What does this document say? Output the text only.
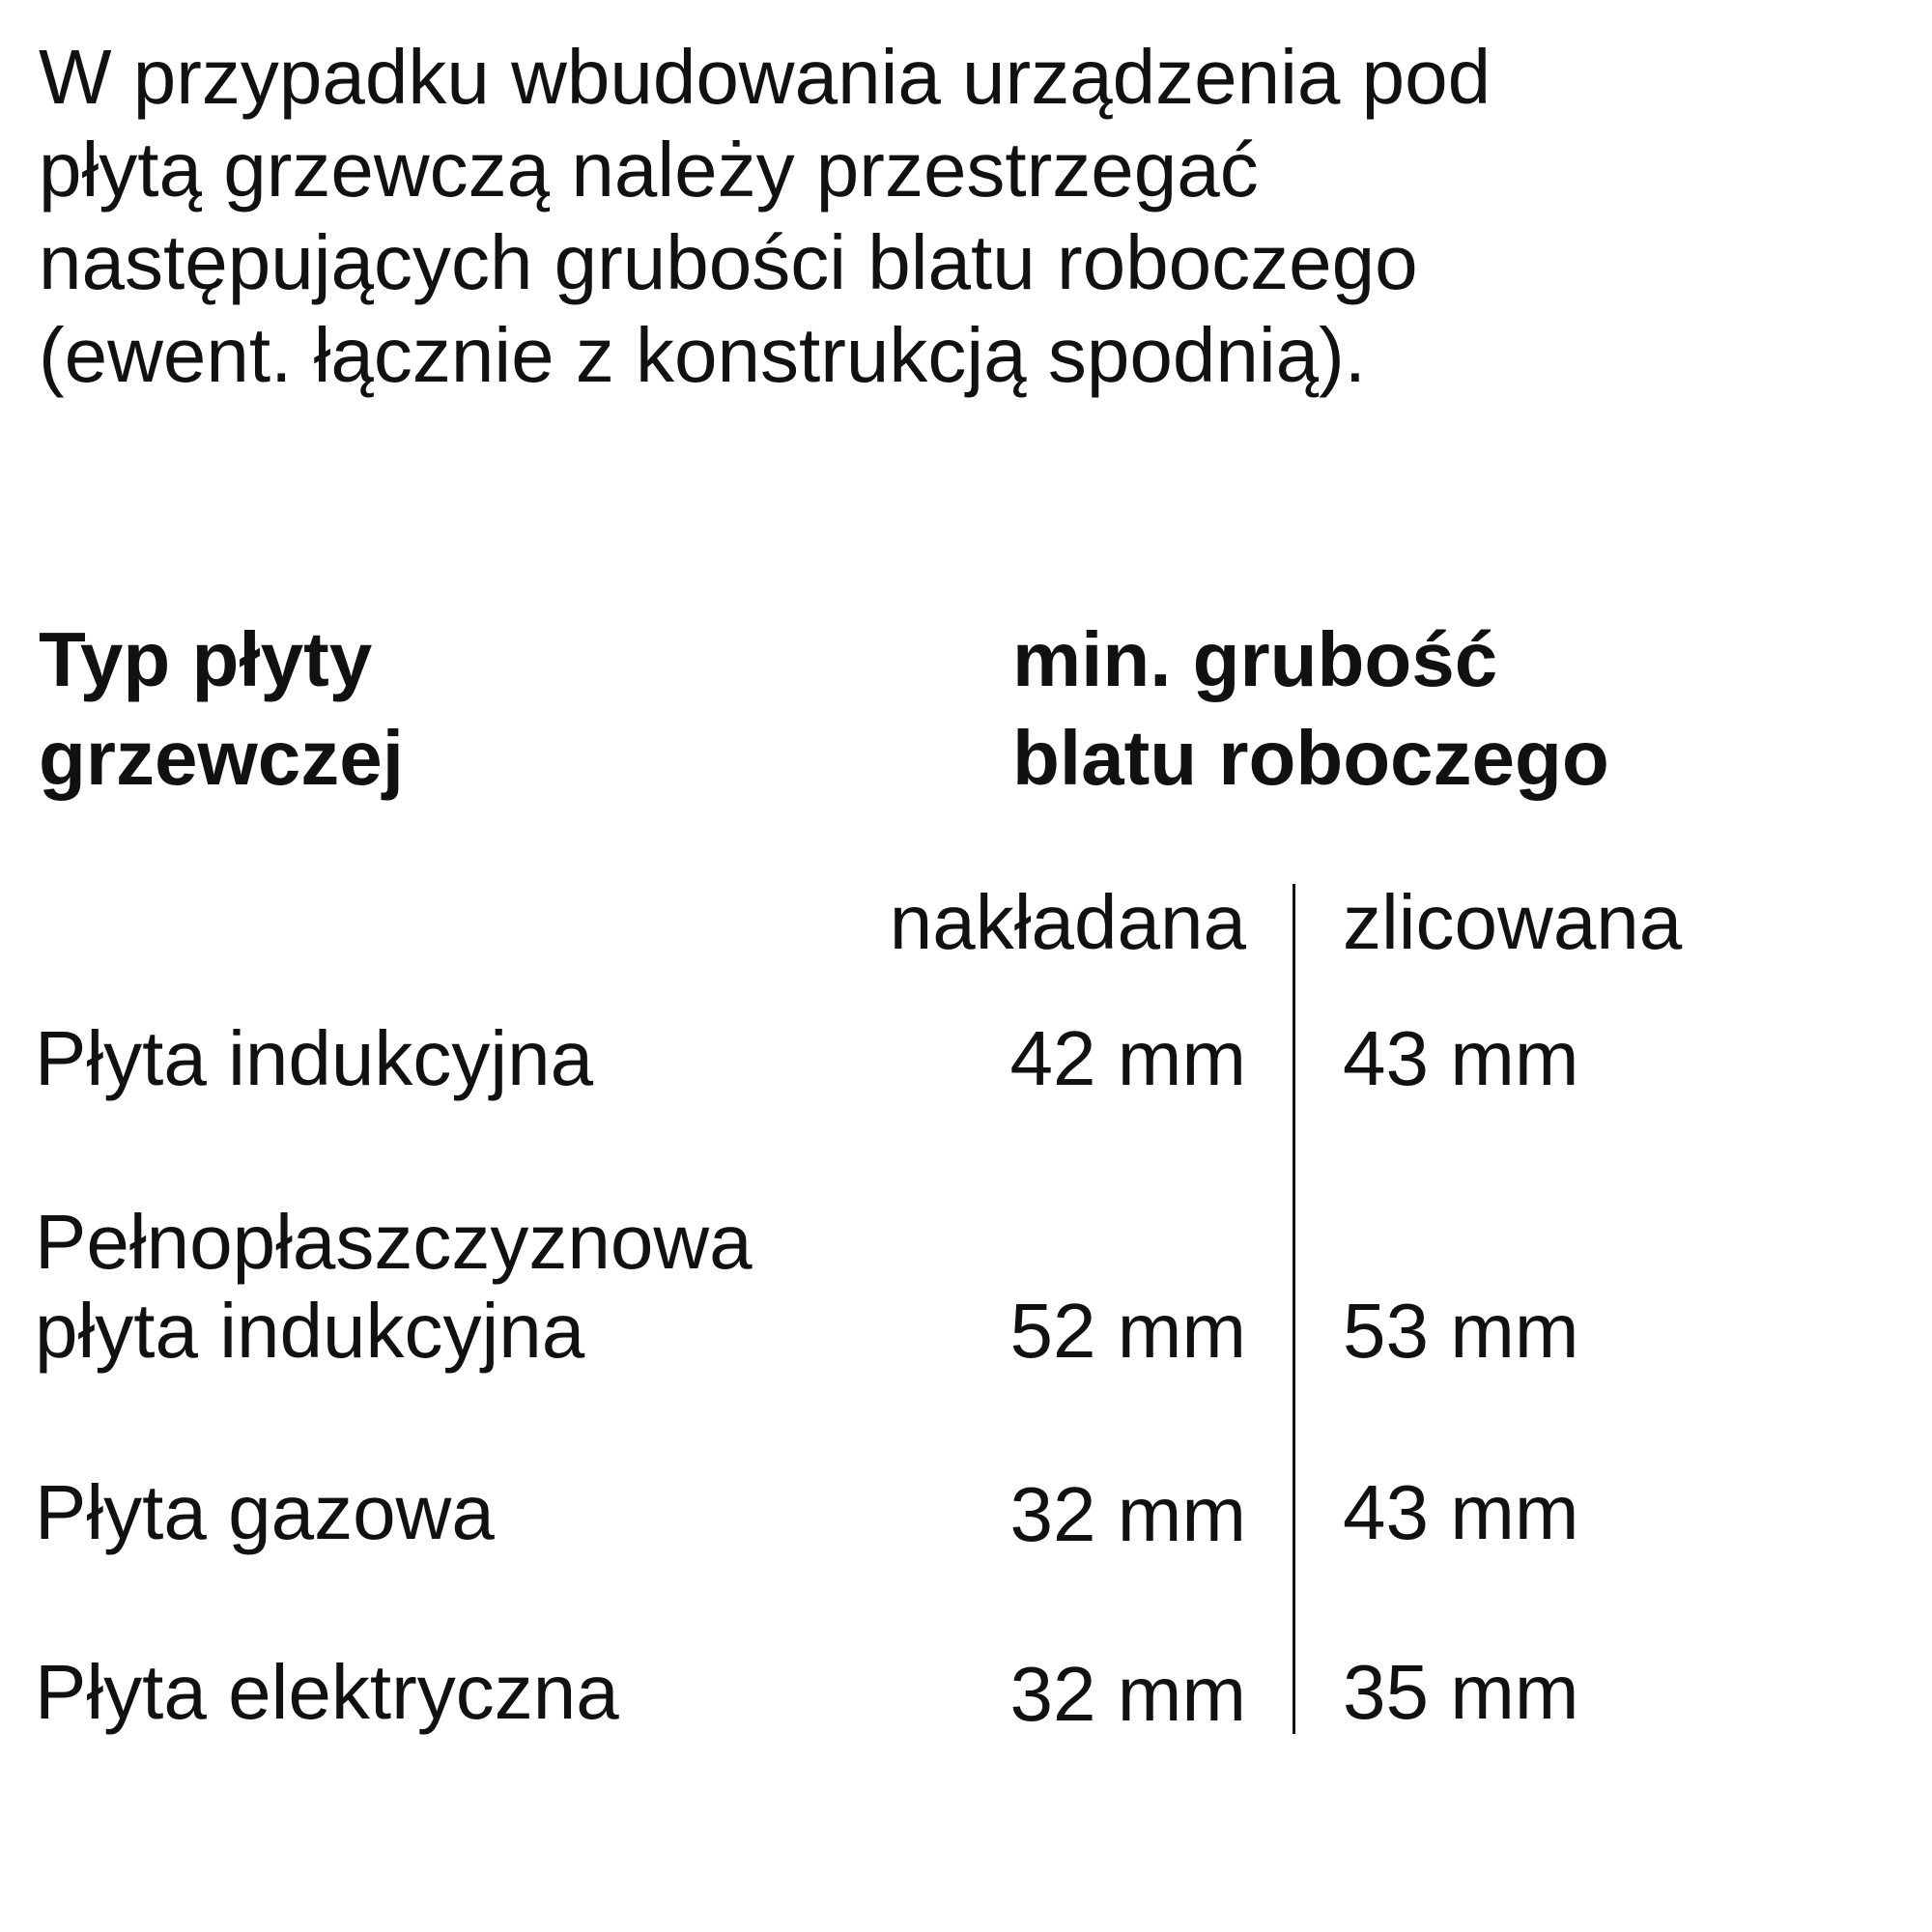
W przypadku wbudowania urządzenia pod
płytą grzewczą należy przestrzegać
następujących grubości blatu roboczego
(ewent. łącznie z konstrukcją spodnią).
Typ płyty
grzewczej
min. grubość
blatu roboczego
nakładana zlicowana
Płyta indukcyjna	42 mm 43 mm
Pełnopłaszczyznowa
płyta indukcyjna	52 mm 53 mm
Płyta gazowa	32 mm 43 mm
Płyta elektryczna	32 mm 35 mm
